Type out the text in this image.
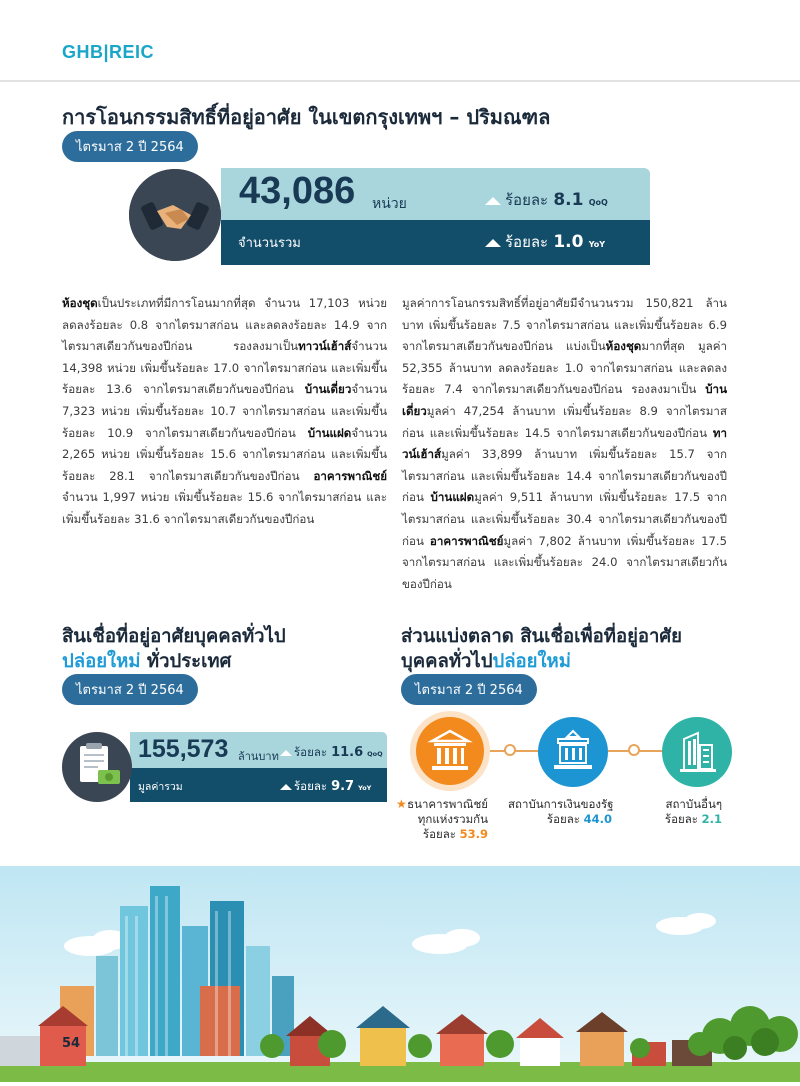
GHB|REIC
การโอนกรรมสิทธิ์ที่อยู่อาศัย ในเขตกรุงเทพฯ – ปริมณฑล
ไตรมาส 2 ปี 2564
43,086 หน่วย
จำนวนรวม
ร้อยละ 8.1 QoQ
ร้อยละ 1.0 YoY
ห้องชุดเป็นประเภทที่มีการโอนมากที่สุด จำนวน 17,103 หน่วย ลดลงร้อยละ 0.8 จากไตรมาสก่อน และลดลงร้อยละ 14.9 จากไตรมาสเดียวกันของปีก่อน รองลงมาเป็นทาวน์เฮ้าส์จำนวน 14,398 หน่วย เพิ่มขึ้นร้อยละ 17.0 จากไตรมาสก่อน และเพิ่มขึ้นร้อยละ 13.6 จากไตรมาสเดียวกันของปีก่อน บ้านเดี่ยวจำนวน 7,323 หน่วย เพิ่มขึ้นร้อยละ 10.7 จากไตรมาสก่อน และเพิ่มขึ้นร้อยละ 10.9 จากไตรมาสเดียวกันของปีก่อน บ้านแฝดจำนวน 2,265 หน่วย เพิ่มขึ้นร้อยละ 15.6 จากไตรมาสก่อน และเพิ่มขึ้นร้อยละ 28.1 จากไตรมาสเดียวกันของปีก่อน อาคารพาณิชย์ จำนวน 1,997 หน่วย เพิ่มขึ้นร้อยละ 15.6 จากไตรมาสก่อน และเพิ่มขึ้นร้อยละ 31.6 จากไตรมาสเดียวกันของปีก่อน
มูลค่าการโอนกรรมสิทธิ์ที่อยู่อาศัยมีจำนวนรวม 150,821 ล้านบาท เพิ่มขึ้นร้อยละ 7.5 จากไตรมาสก่อน และเพิ่มขึ้นร้อยละ 6.9 จากไตรมาสเดียวกันของปีก่อน แบ่งเป็นห้องชุดมากที่สุด มูลค่า 52,355 ล้านบาท ลดลงร้อยละ 1.0 จากไตรมาสก่อน และลดลงร้อยละ 7.4 จากไตรมาสเดียวกันของปีก่อน รองลงมาเป็น บ้านเดี่ยวมูลค่า 47,254 ล้านบาท เพิ่มขึ้นร้อยละ 8.9 จากไตรมาสก่อน และเพิ่มขึ้นร้อยละ 14.5 จากไตรมาสเดียวกันของปีก่อน ทาวน์เฮ้าส์มูลค่า 33,899 ล้านบาท เพิ่มขึ้นร้อยละ 15.7 จากไตรมาสก่อน และเพิ่มขึ้นร้อยละ 14.4 จากไตรมาสเดียวกันของปีก่อน บ้านแฝดมูลค่า 9,511 ล้านบาท เพิ่มขึ้นร้อยละ 17.5 จากไตรมาสก่อน และเพิ่มขึ้นร้อยละ 30.4 จากไตรมาสเดียวกันของปีก่อน อาคารพาณิชย์มูลค่า 7,802 ล้านบาท เพิ่มขึ้นร้อยละ 17.5 จากไตรมาสก่อน และเพิ่มขึ้นร้อยละ 24.0 จากไตรมาสเดียวกันของปีก่อน
สินเชื่อที่อยู่อาศัยบุคคลทั่วไป
ปล่อยใหม่ ทั่วประเทศ
ไตรมาส 2 ปี 2564
155,573 ล้านบาท
มูลค่ารวม
ร้อยละ 11.6 QoQ
ร้อยละ 9.7 YoY
ส่วนแบ่งตลาด สินเชื่อเพื่อที่อยู่อาศัย
บุคคลทั่วไปปล่อยใหม่
ไตรมาส 2 ปี 2564
★ ธนาคารพาณิชย์
ทุกแห่งรวมกัน
ร้อยละ 53.9
สถาบันการเงินของรัฐ
ร้อยละ 44.0
สถาบันอื่นๆ
ร้อยละ 2.1
54
